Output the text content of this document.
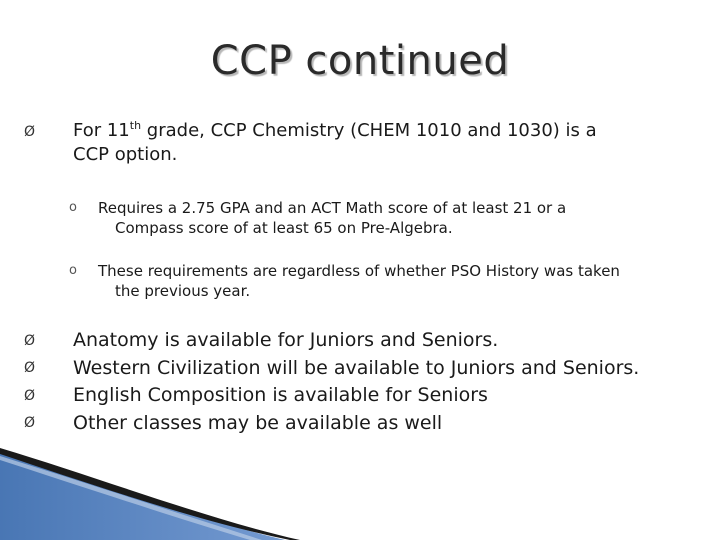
CCP continued
Ø For 11th grade, CCP Chemistry (CHEM 1010 and 1030) is a
CCP option.
o Requires a 2.75 GPA and an ACT Math score of at least 21 or a
Compass score of at least 65 on Pre-Algebra.
o These requirements are regardless of whether PSO History was taken
the previous year.
Ø Anatomy is available for Juniors and Seniors.
Ø Western Civilization will be available to Juniors and Seniors.
Ø English Composition is available for Seniors
Ø Other classes may be available as well
